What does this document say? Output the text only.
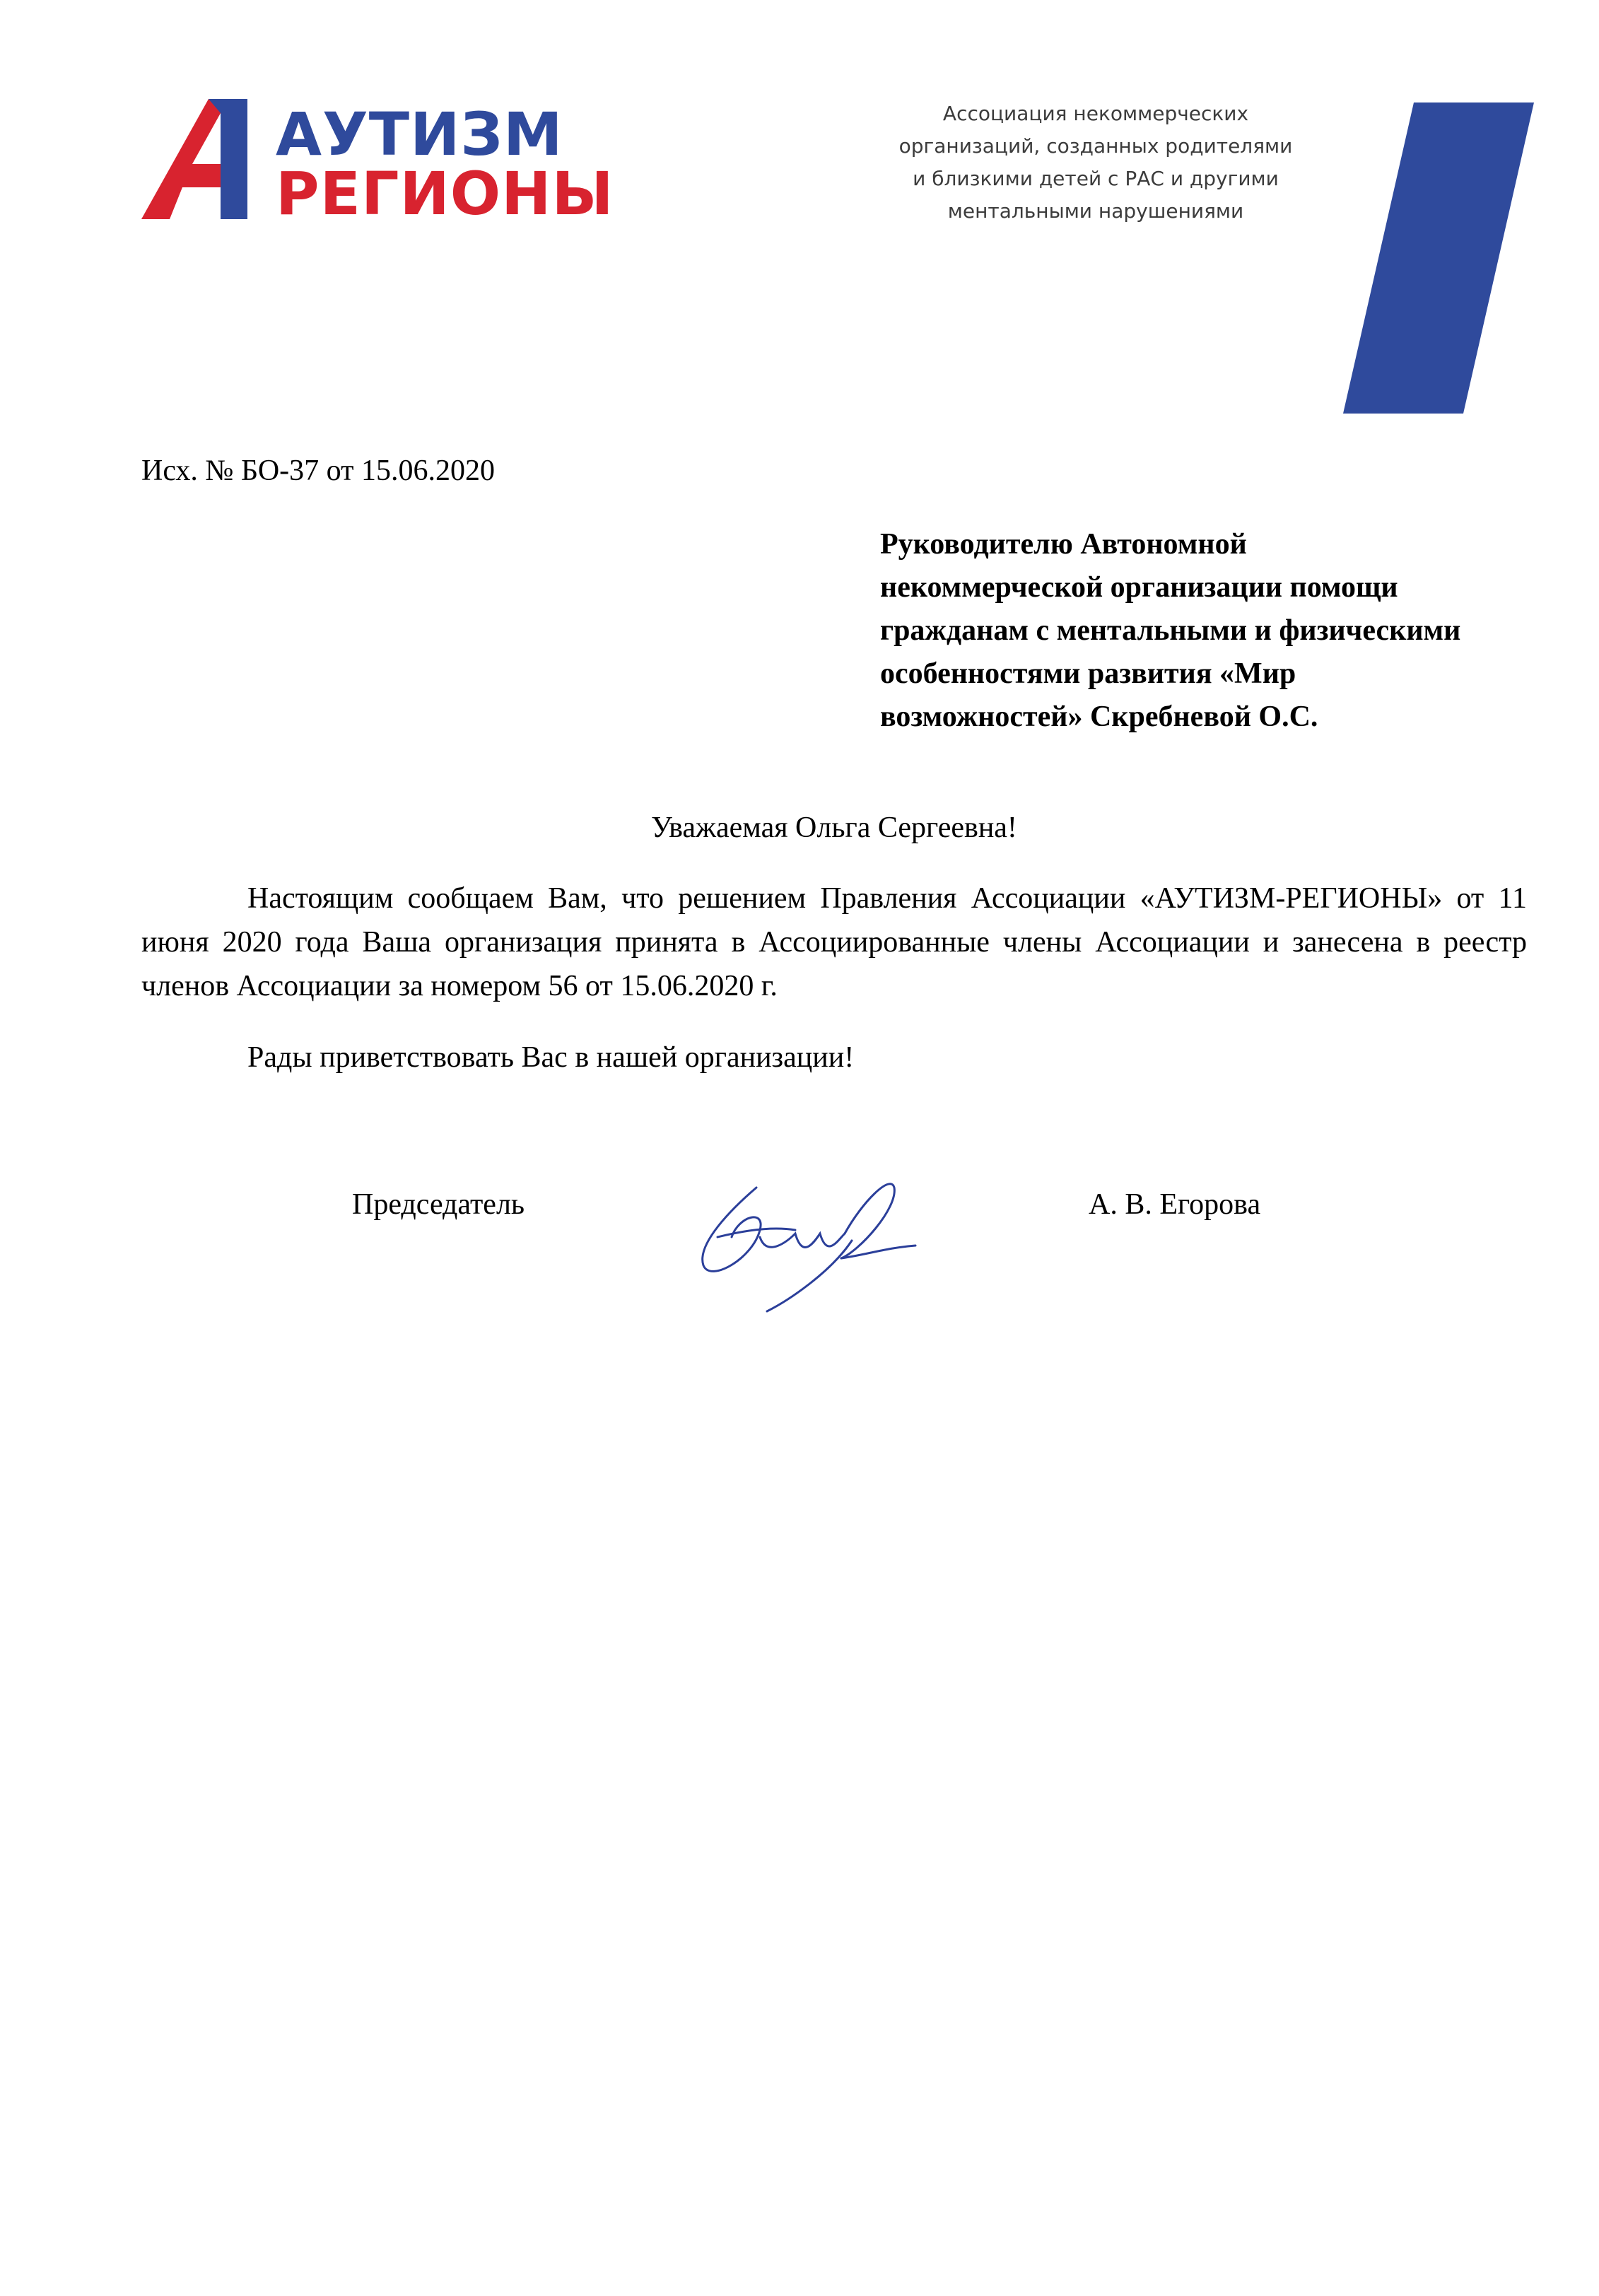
АУТИЗМ
РЕГИОНЫ
Ассоциация некоммерческих
организаций, созданных родителями
и близкими детей с РАС и другими
ментальными нарушениями
Исх. № БО-37 от 15.06.2020
Руководителю Автономной
некоммерческой организации помощи
гражданам с ментальными и физическими
особенностями развития «Мир
возможностей» Скребневой О.С.
Уважаемая Ольга Сергеевна!
Настоящим сообщаем Вам, что решением Правления Ассоциации «АУТИЗМ-РЕГИОНЫ» от 11 июня 2020 года Ваша организация принята в Ассоциированные члены Ассоциации и занесена в реестр членов Ассоциации за номером 56 от 15.06.2020 г.
Рады приветствовать Вас в нашей организации!
Председатель	А. В. Егорова
